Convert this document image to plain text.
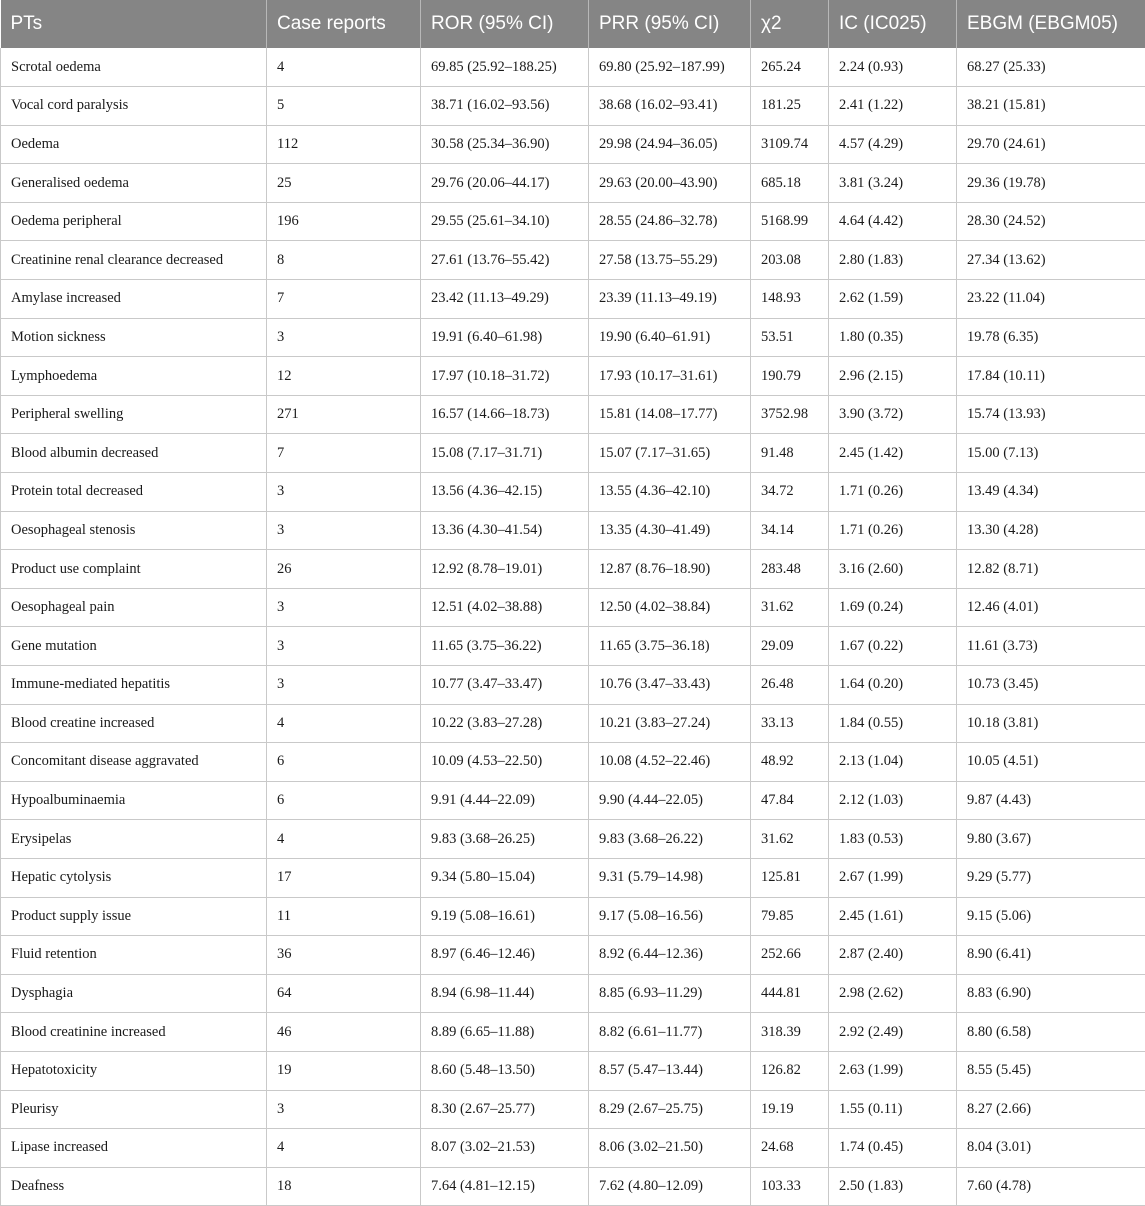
PTs	Case reports	ROR (95% CI)	PRR (95% CI)	χ2	IC (IC025)	EBGM (EBGM05)
Scrotal oedema	4	69.85 (25.92–188.25)	69.80 (25.92–187.99)	265.24	2.24 (0.93)	68.27 (25.33)
Vocal cord paralysis	5	38.71 (16.02–93.56)	38.68 (16.02–93.41)	181.25	2.41 (1.22)	38.21 (15.81)
Oedema	112	30.58 (25.34–36.90)	29.98 (24.94–36.05)	3109.74	4.57 (4.29)	29.70 (24.61)
Generalised oedema	25	29.76 (20.06–44.17)	29.63 (20.00–43.90)	685.18	3.81 (3.24)	29.36 (19.78)
Oedema peripheral	196	29.55 (25.61–34.10)	28.55 (24.86–32.78)	5168.99	4.64 (4.42)	28.30 (24.52)
Creatinine renal clearance decreased	8	27.61 (13.76–55.42)	27.58 (13.75–55.29)	203.08	2.80 (1.83)	27.34 (13.62)
Amylase increased	7	23.42 (11.13–49.29)	23.39 (11.13–49.19)	148.93	2.62 (1.59)	23.22 (11.04)
Motion sickness	3	19.91 (6.40–61.98)	19.90 (6.40–61.91)	53.51	1.80 (0.35)	19.78 (6.35)
Lymphoedema	12	17.97 (10.18–31.72)	17.93 (10.17–31.61)	190.79	2.96 (2.15)	17.84 (10.11)
Peripheral swelling	271	16.57 (14.66–18.73)	15.81 (14.08–17.77)	3752.98	3.90 (3.72)	15.74 (13.93)
Blood albumin decreased	7	15.08 (7.17–31.71)	15.07 (7.17–31.65)	91.48	2.45 (1.42)	15.00 (7.13)
Protein total decreased	3	13.56 (4.36–42.15)	13.55 (4.36–42.10)	34.72	1.71 (0.26)	13.49 (4.34)
Oesophageal stenosis	3	13.36 (4.30–41.54)	13.35 (4.30–41.49)	34.14	1.71 (0.26)	13.30 (4.28)
Product use complaint	26	12.92 (8.78–19.01)	12.87 (8.76–18.90)	283.48	3.16 (2.60)	12.82 (8.71)
Oesophageal pain	3	12.51 (4.02–38.88)	12.50 (4.02–38.84)	31.62	1.69 (0.24)	12.46 (4.01)
Gene mutation	3	11.65 (3.75–36.22)	11.65 (3.75–36.18)	29.09	1.67 (0.22)	11.61 (3.73)
Immune-mediated hepatitis	3	10.77 (3.47–33.47)	10.76 (3.47–33.43)	26.48	1.64 (0.20)	10.73 (3.45)
Blood creatine increased	4	10.22 (3.83–27.28)	10.21 (3.83–27.24)	33.13	1.84 (0.55)	10.18 (3.81)
Concomitant disease aggravated	6	10.09 (4.53–22.50)	10.08 (4.52–22.46)	48.92	2.13 (1.04)	10.05 (4.51)
Hypoalbuminaemia	6	9.91 (4.44–22.09)	9.90 (4.44–22.05)	47.84	2.12 (1.03)	9.87 (4.43)
Erysipelas	4	9.83 (3.68–26.25)	9.83 (3.68–26.22)	31.62	1.83 (0.53)	9.80 (3.67)
Hepatic cytolysis	17	9.34 (5.80–15.04)	9.31 (5.79–14.98)	125.81	2.67 (1.99)	9.29 (5.77)
Product supply issue	11	9.19 (5.08–16.61)	9.17 (5.08–16.56)	79.85	2.45 (1.61)	9.15 (5.06)
Fluid retention	36	8.97 (6.46–12.46)	8.92 (6.44–12.36)	252.66	2.87 (2.40)	8.90 (6.41)
Dysphagia	64	8.94 (6.98–11.44)	8.85 (6.93–11.29)	444.81	2.98 (2.62)	8.83 (6.90)
Blood creatinine increased	46	8.89 (6.65–11.88)	8.82 (6.61–11.77)	318.39	2.92 (2.49)	8.80 (6.58)
Hepatotoxicity	19	8.60 (5.48–13.50)	8.57 (5.47–13.44)	126.82	2.63 (1.99)	8.55 (5.45)
Pleurisy	3	8.30 (2.67–25.77)	8.29 (2.67–25.75)	19.19	1.55 (0.11)	8.27 (2.66)
Lipase increased	4	8.07 (3.02–21.53)	8.06 (3.02–21.50)	24.68	1.74 (0.45)	8.04 (3.01)
Deafness	18	7.64 (4.81–12.15)	7.62 (4.80–12.09)	103.33	2.50 (1.83)	7.60 (4.78)
